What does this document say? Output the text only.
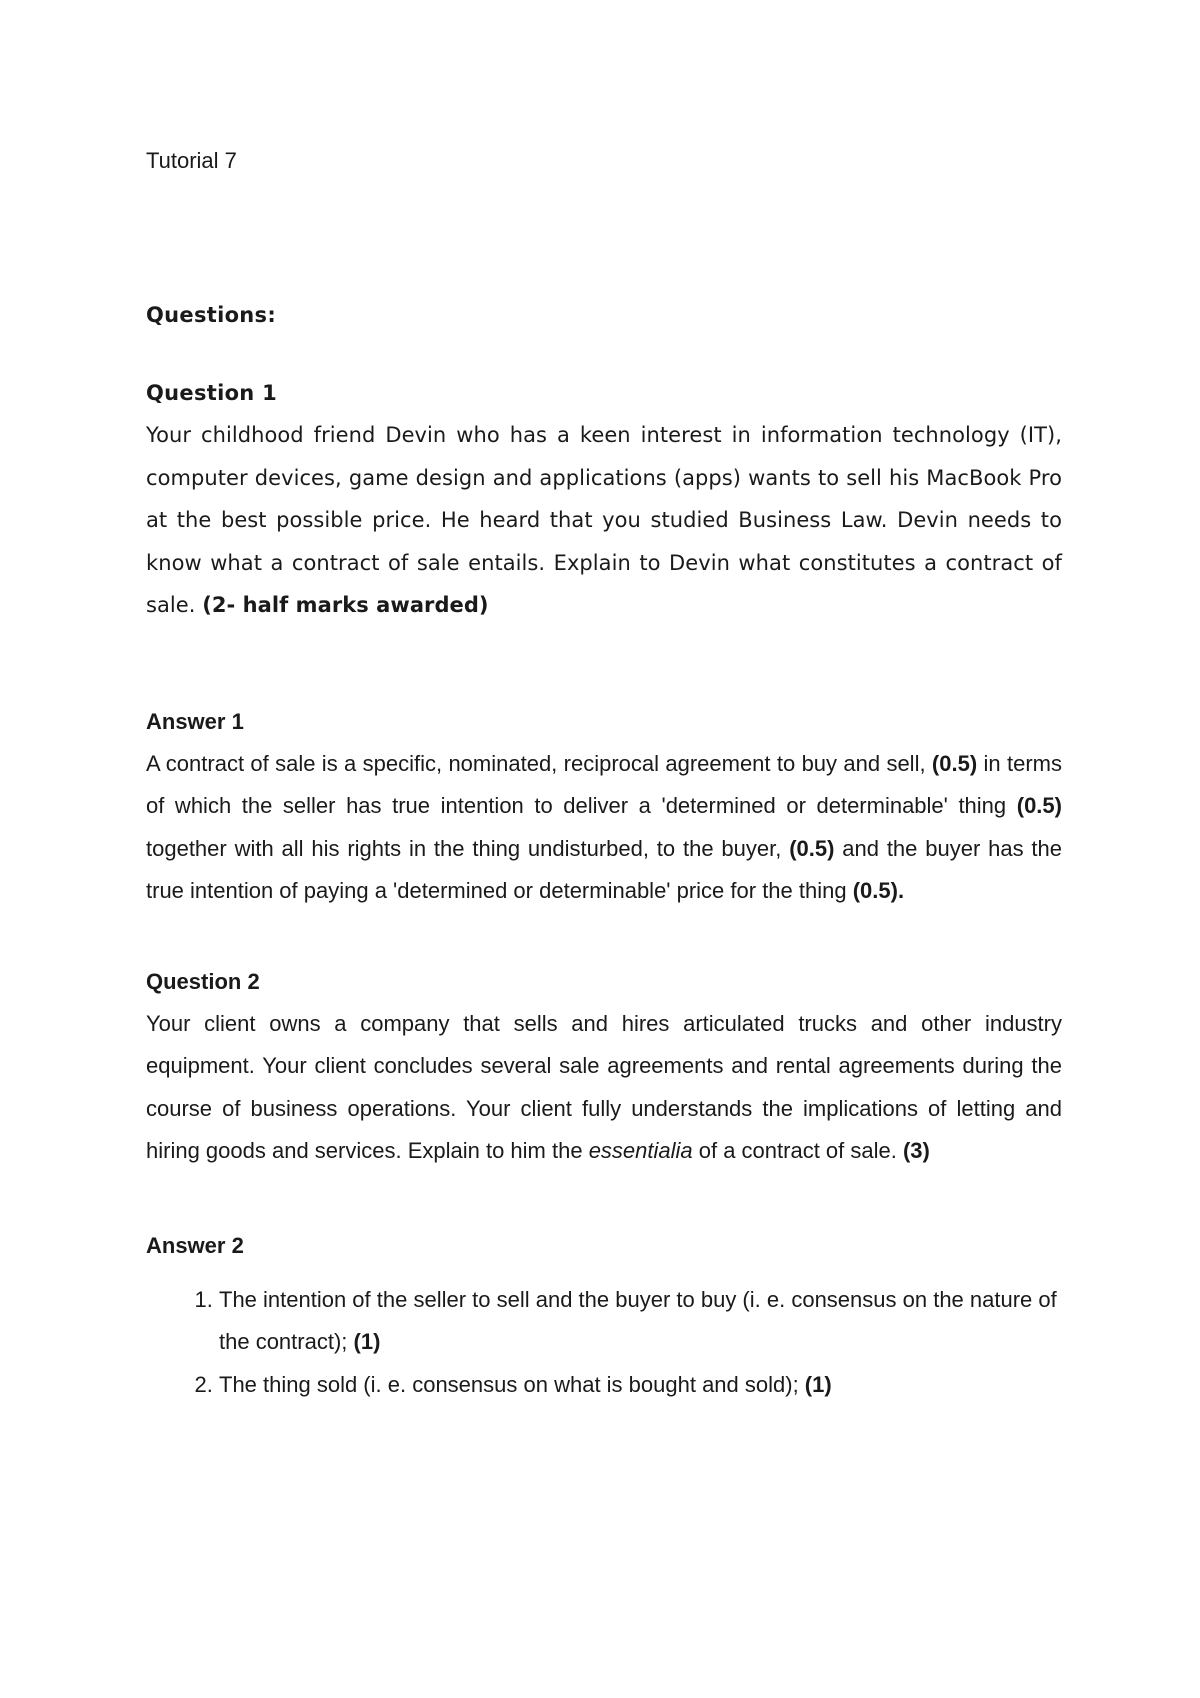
Tutorial 7

Questions:

Question 1

Your childhood friend Devin who has a keen interest in information technology (IT), computer devices, game design and applications (apps) wants to sell his MacBook Pro at the best possible price. He heard that you studied Business Law. Devin needs to know what a contract of sale entails. Explain to Devin what constitutes a contract of sale. (2- half marks awarded)

Answer 1

A contract of sale is a specific, nominated, reciprocal agreement to buy and sell, (0.5) in terms of which the seller has true intention to deliver a 'determined or determinable' thing (0.5) together with all his rights in the thing undisturbed, to the buyer, (0.5) and the buyer has the true intention of paying a 'determined or determinable' price for the thing (0.5).

Question 2

Your client owns a company that sells and hires articulated trucks and other industry equipment. Your client concludes several sale agreements and rental agreements during the course of business operations. Your client fully understands the implications of letting and hiring goods and services. Explain to him the essentialia of a contract of sale. (3)

Answer 2

1. The intention of the seller to sell and the buyer to buy (i. e. consensus on the nature of the contract); (1)
2. The thing sold (i. e. consensus on what is bought and sold); (1)
